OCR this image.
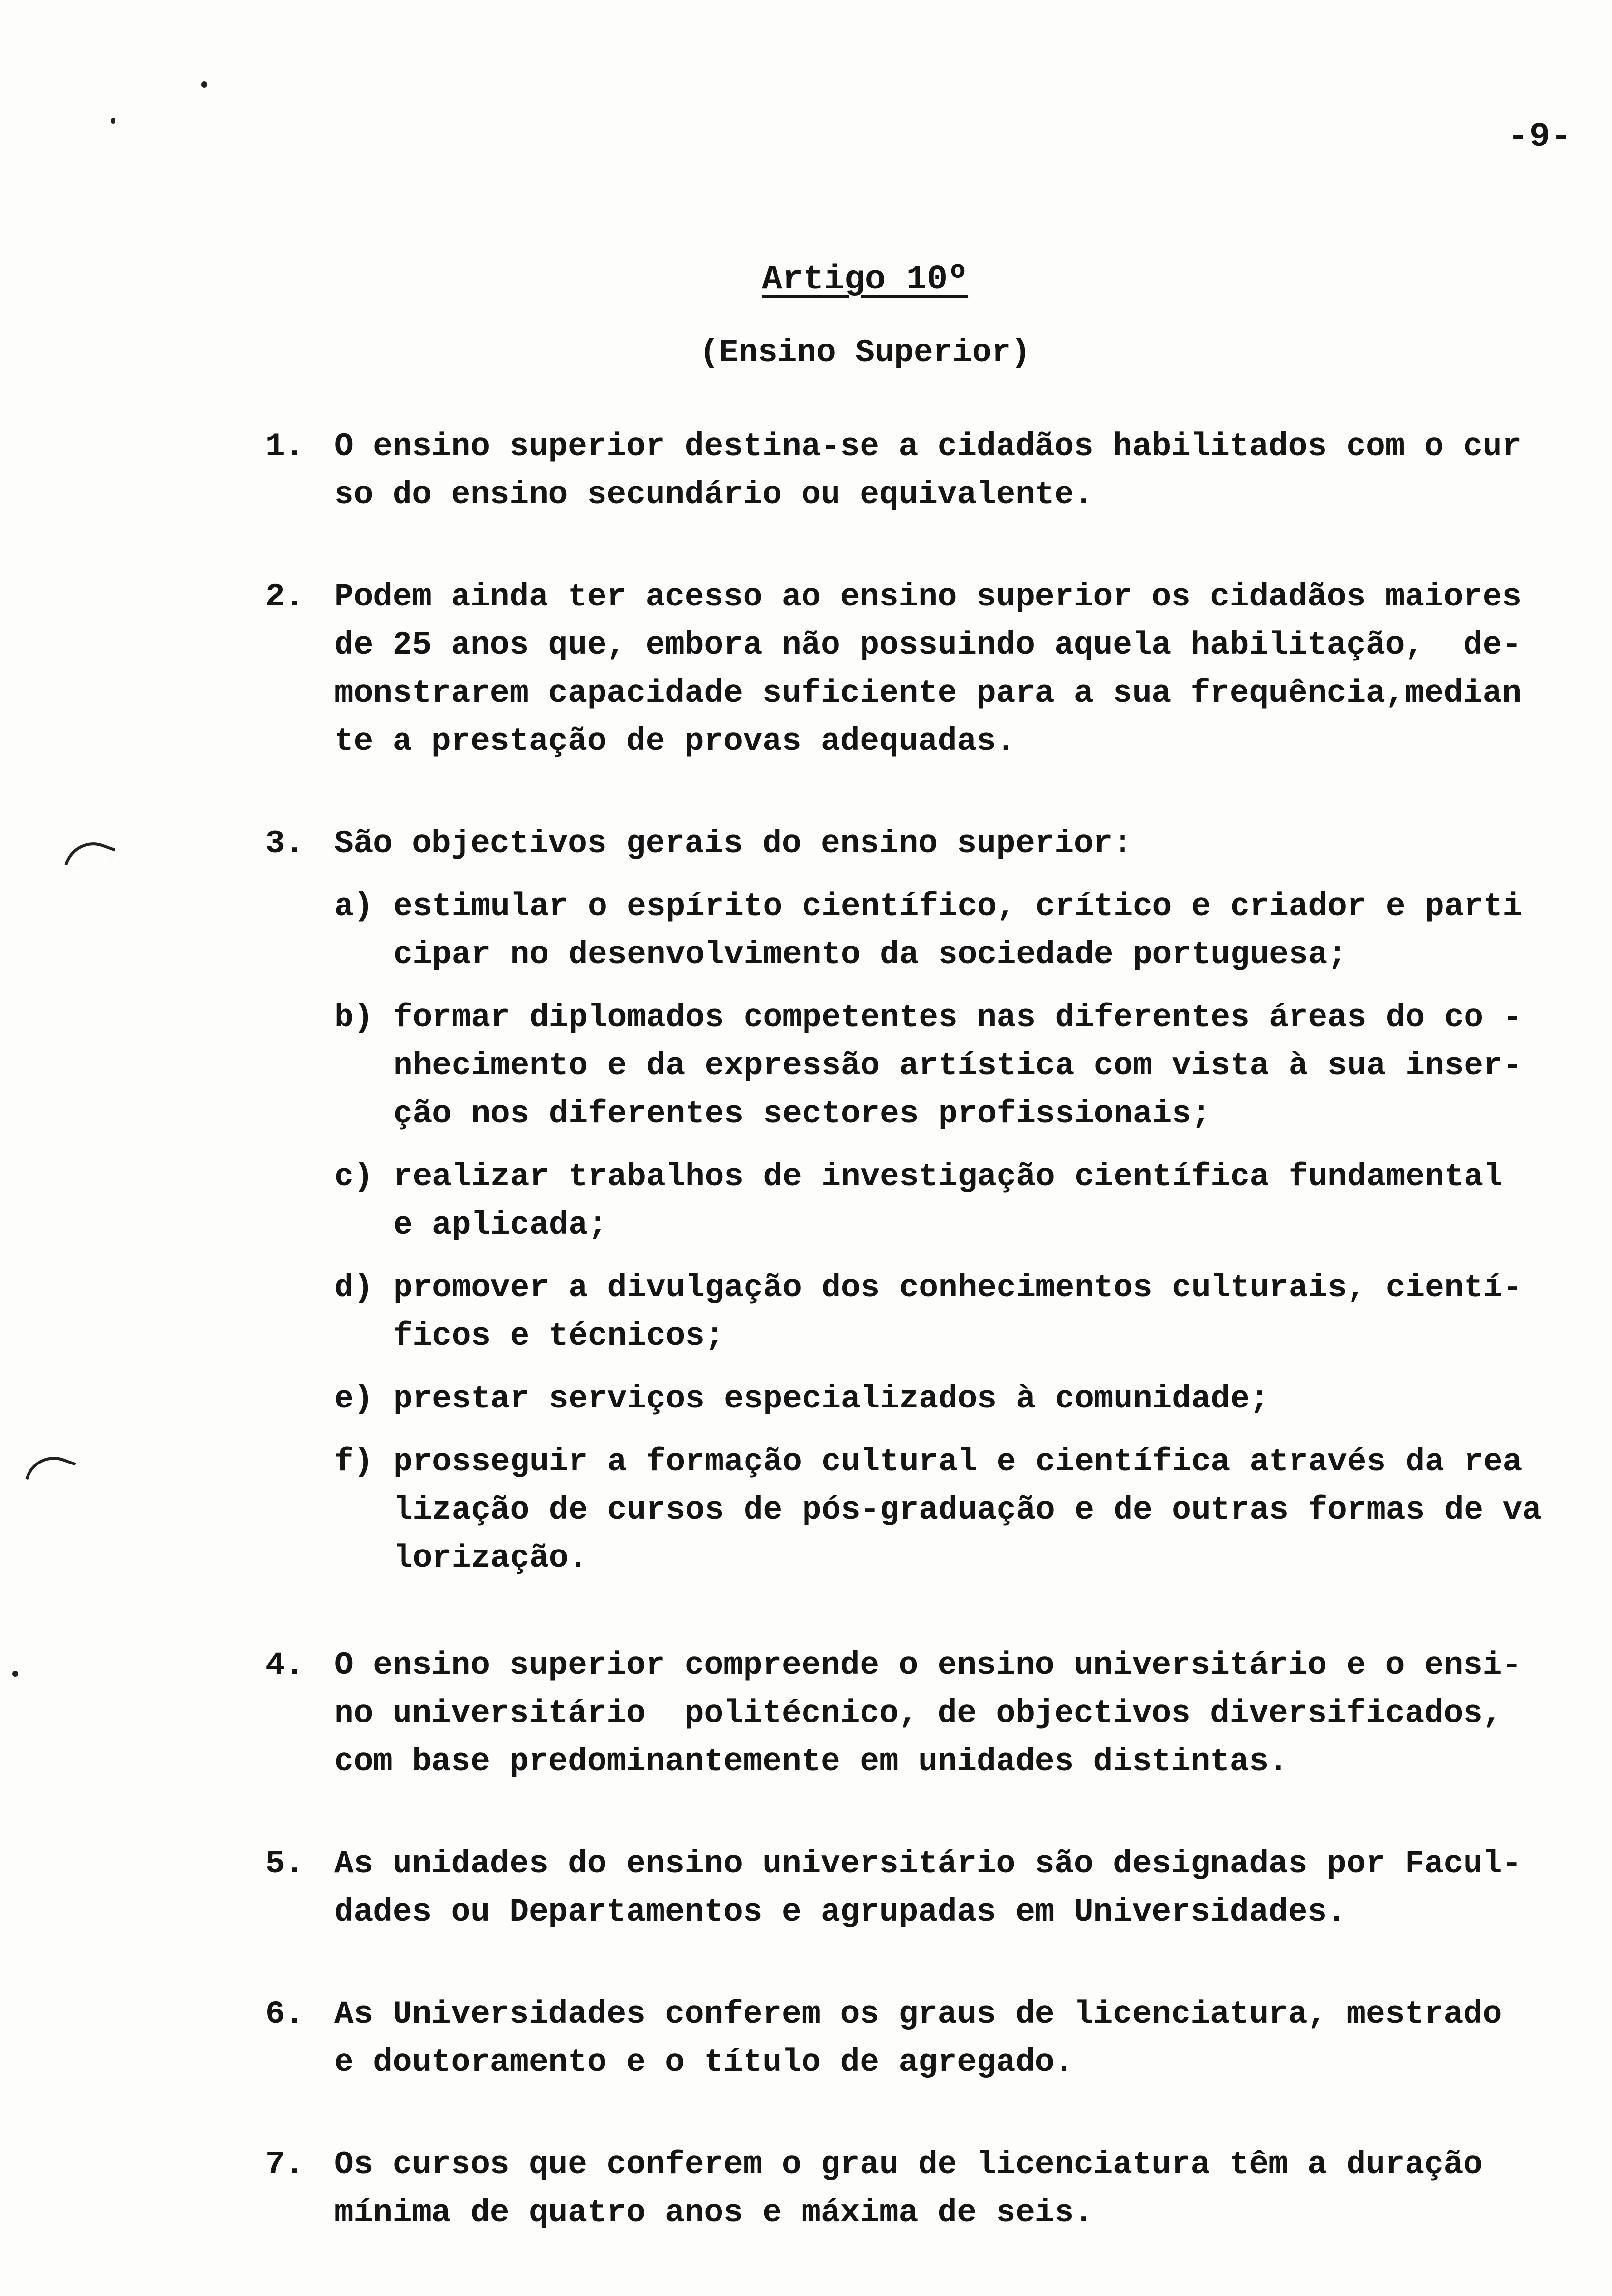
-9-
Artigo 10º
(Ensino Superior)
1. O ensino superior destina-se a cidadãos habilitados com o cur
so do ensino secundário ou equivalente.
2. Podem ainda ter acesso ao ensino superior os cidadãos maiores
de 25 anos que, embora não possuindo aquela habilitação,  de-
monstrarem capacidade suficiente para a sua frequência,median
te a prestação de provas adequadas.
3. São objectivos gerais do ensino superior:
a) estimular o espírito científico, crítico e criador e parti
cipar no desenvolvimento da sociedade portuguesa;
b) formar diplomados competentes nas diferentes áreas do co -
nhecimento e da expressão artística com vista à sua inser-
ção nos diferentes sectores profissionais;
c) realizar trabalhos de investigação científica fundamental
e aplicada;
d) promover a divulgação dos conhecimentos culturais, cientí-
ficos e técnicos;
e) prestar serviços especializados à comunidade;
f) prosseguir a formação cultural e científica através da rea
lização de cursos de pós-graduação e de outras formas de va
lorização.
4. O ensino superior compreende o ensino universitário e o ensi-
no universitário  politécnico, de objectivos diversificados,
com base predominantemente em unidades distintas.
5. As unidades do ensino universitário são designadas por Facul-
dades ou Departamentos e agrupadas em Universidades.
6. As Universidades conferem os graus de licenciatura, mestrado
e doutoramento e o título de agregado.
7. Os cursos que conferem o grau de licenciatura têm a duração
mínima de quatro anos e máxima de seis.
